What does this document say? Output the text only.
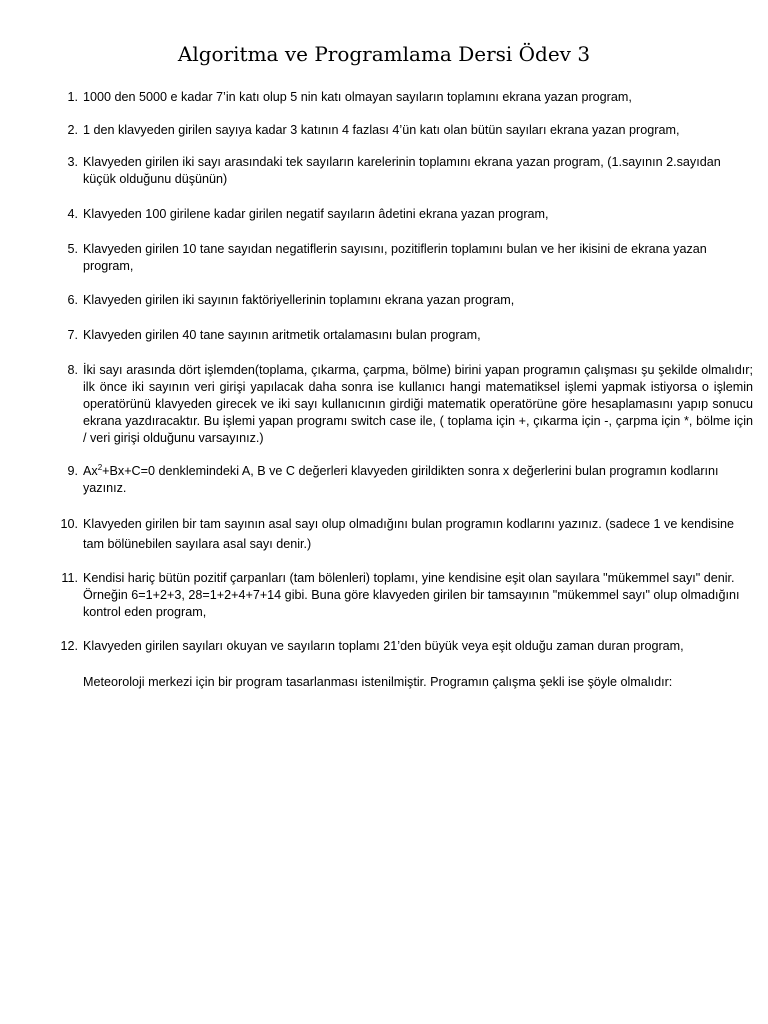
Algoritma ve Programlama Dersi Ödev 3
1. 1000 den 5000 e kadar 7’in katı olup 5 nin katı olmayan sayıların toplamını ekrana yazan program,
2. 1 den klavyeden girilen sayıya kadar 3 katının 4 fazlası 4’ün katı olan bütün sayıları ekrana yazan program,
3. Klavyeden girilen iki sayı arasındaki tek sayıların karelerinin toplamını ekrana yazan program, (1.sayının 2.sayıdan küçük olduğunu düşünün)
4. Klavyeden 100 girilene kadar girilen negatif sayıların âdetini ekrana yazan program,
5. Klavyeden girilen 10 tane sayıdan negatiflerin sayısını, pozitiflerin toplamını bulan ve her ikisini de ekrana yazan program,
6. Klavyeden girilen iki sayının faktöriyellerinin toplamını ekrana yazan program,
7. Klavyeden girilen 40 tane sayının aritmetik ortalamasını bulan program,
8. İki sayı arasında dört işlemden(toplama, çıkarma, çarpma, bölme) birini yapan programın çalışması şu şekilde olmalıdır; ilk önce iki sayının veri girişi yapılacak daha sonra ise kullanıcı hangi matematiksel işlemi yapmak istiyorsa o işlemin operatörünü klavyeden girecek ve iki sayı kullanıcının girdiği matematik operatörüne göre hesaplamasını yapıp sonucu ekrana yazdıracaktır. Bu işlemi yapan programı switch case ile, ( toplama için +, çıkarma için -, çarpma için *, bölme için / veri girişi olduğunu varsayınız.)
9. $Ax^2+Bx+C=0$ denklemindeki A, B ve C değerleri klavyeden girildikten sonra x değerlerini bulan programın kodlarını yazınız.
10. Klavyeden girilen bir tam sayının asal sayı olup olmadığını bulan programın kodlarını yazınız. (sadece 1 ve kendisine tam bölünebilen sayılara asal sayı denir.)
11. Kendisi hariç bütün pozitif çarpanları (tam bölenleri) toplamı, yine kendisine eşit olan sayılara "mükemmel sayı" denir. Örneğin 6=1+2+3, 28=1+2+4+7+14 gibi. Buna göre klavyeden girilen bir tamsayının "mükemmel sayı" olup olmadığını kontrol eden program,
12. Klavyeden girilen sayıları okuyan ve sayıların toplamı 21’den büyük veya eşit olduğu zaman duran program,
Meteoroloji merkezi için bir program tasarlanması istenilmiştir. Programın çalışma şekli ise şöyle olmalıdır:
